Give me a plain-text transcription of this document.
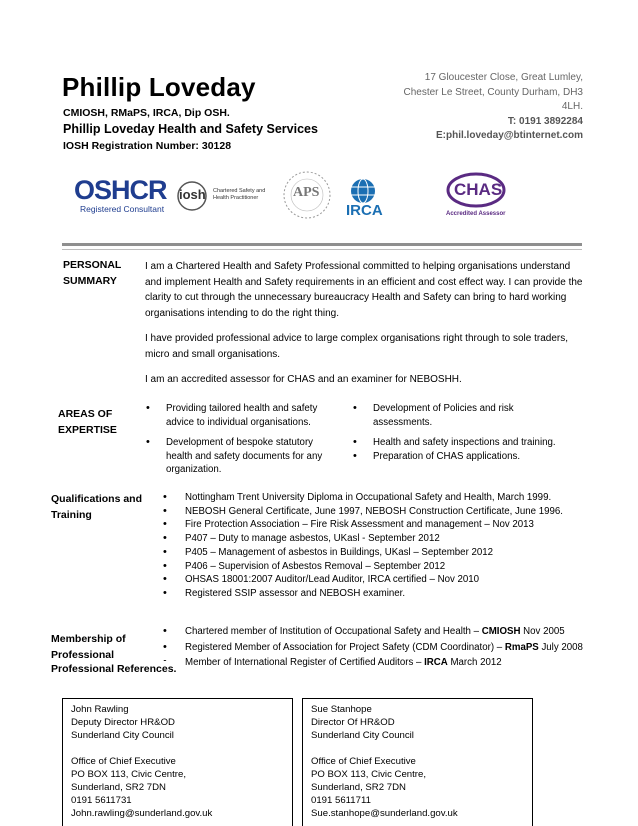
Phillip Loveday
CMIOSH, RMaPS, IRCA, Dip OSH.
Phillip Loveday Health and Safety Services
IOSH Registration Number: 30128
17 Gloucester Close, Great Lumley,
Chester Le Street, County Durham, DH3
4LH.
T: 0191 3892284
E:phil.loveday@btinternet.com
OSHCR
Registered Consultant
iosh Chartered Safety and
Health Practitioner	APS
IRCA
CHAS
Accredited Assessor
PERSONAL
SUMMARY
I am a Chartered Health and Safety Professional committed to helping organisations understand and implement Health and Safety requirements in an efficient and cost effect way. I can provide the clarity to cut through the unnecessary bureaucracy Health and Safety can bring to hard working organisations intending to do the right thing.
I have provided professional advice to large complex organisations right through to sole traders, micro and small organisations.
I am an accredited assessor for CHAS and an examiner for NEBOSHH.
AREAS OF
EXPERTISE
• Providing tailored health and safety advice to individual organisations.
• Development of bespoke statutory health and safety documents for any organization.
• Development of Policies and risk assessments.
• Health and safety inspections and training.
• Preparation of CHAS applications.
Qualifications and
Training
• Nottingham Trent University Diploma in Occupational Safety and Health, March 1999.
• NEBOSH General Certificate, June 1997, NEBOSH Construction Certificate, June 1996.
• Fire Protection Association – Fire Risk Assessment and management – Nov 2013
• P407 – Duty to manage asbestos, UKasl - September 2012
• P405 – Management of asbestos in Buildings, UKasl – September 2012
• P406 – Supervision of Asbestos Removal – September 2012
• OHSAS 18001:2007 Auditor/Lead Auditor, IRCA certified – Nov 2010
• Registered SSIP assessor and NEBOSH examiner.
Membership of
Professional
• Chartered member of Institution of Occupational Safety and Health – CMIOSH Nov 2005
• Registered Member of Association for Project Safety (CDM Coordinator) – RmaPS July 2008
• Member of International Register of Certified Auditors – IRCA March 2012
Professional References.
John Rawling
Deputy Director HR&OD
Sunderland City Council
Office of Chief Executive
PO BOX 113, Civic Centre,
Sunderland, SR2 7DN
0191 5611731
John.rawling@sunderland.gov.uk
Sue Stanhope
Director Of HR&OD
Sunderland City Council
Office of Chief Executive
PO BOX 113, Civic Centre,
Sunderland, SR2 7DN
0191 5611711
Sue.stanhope@sunderland.gov.uk
